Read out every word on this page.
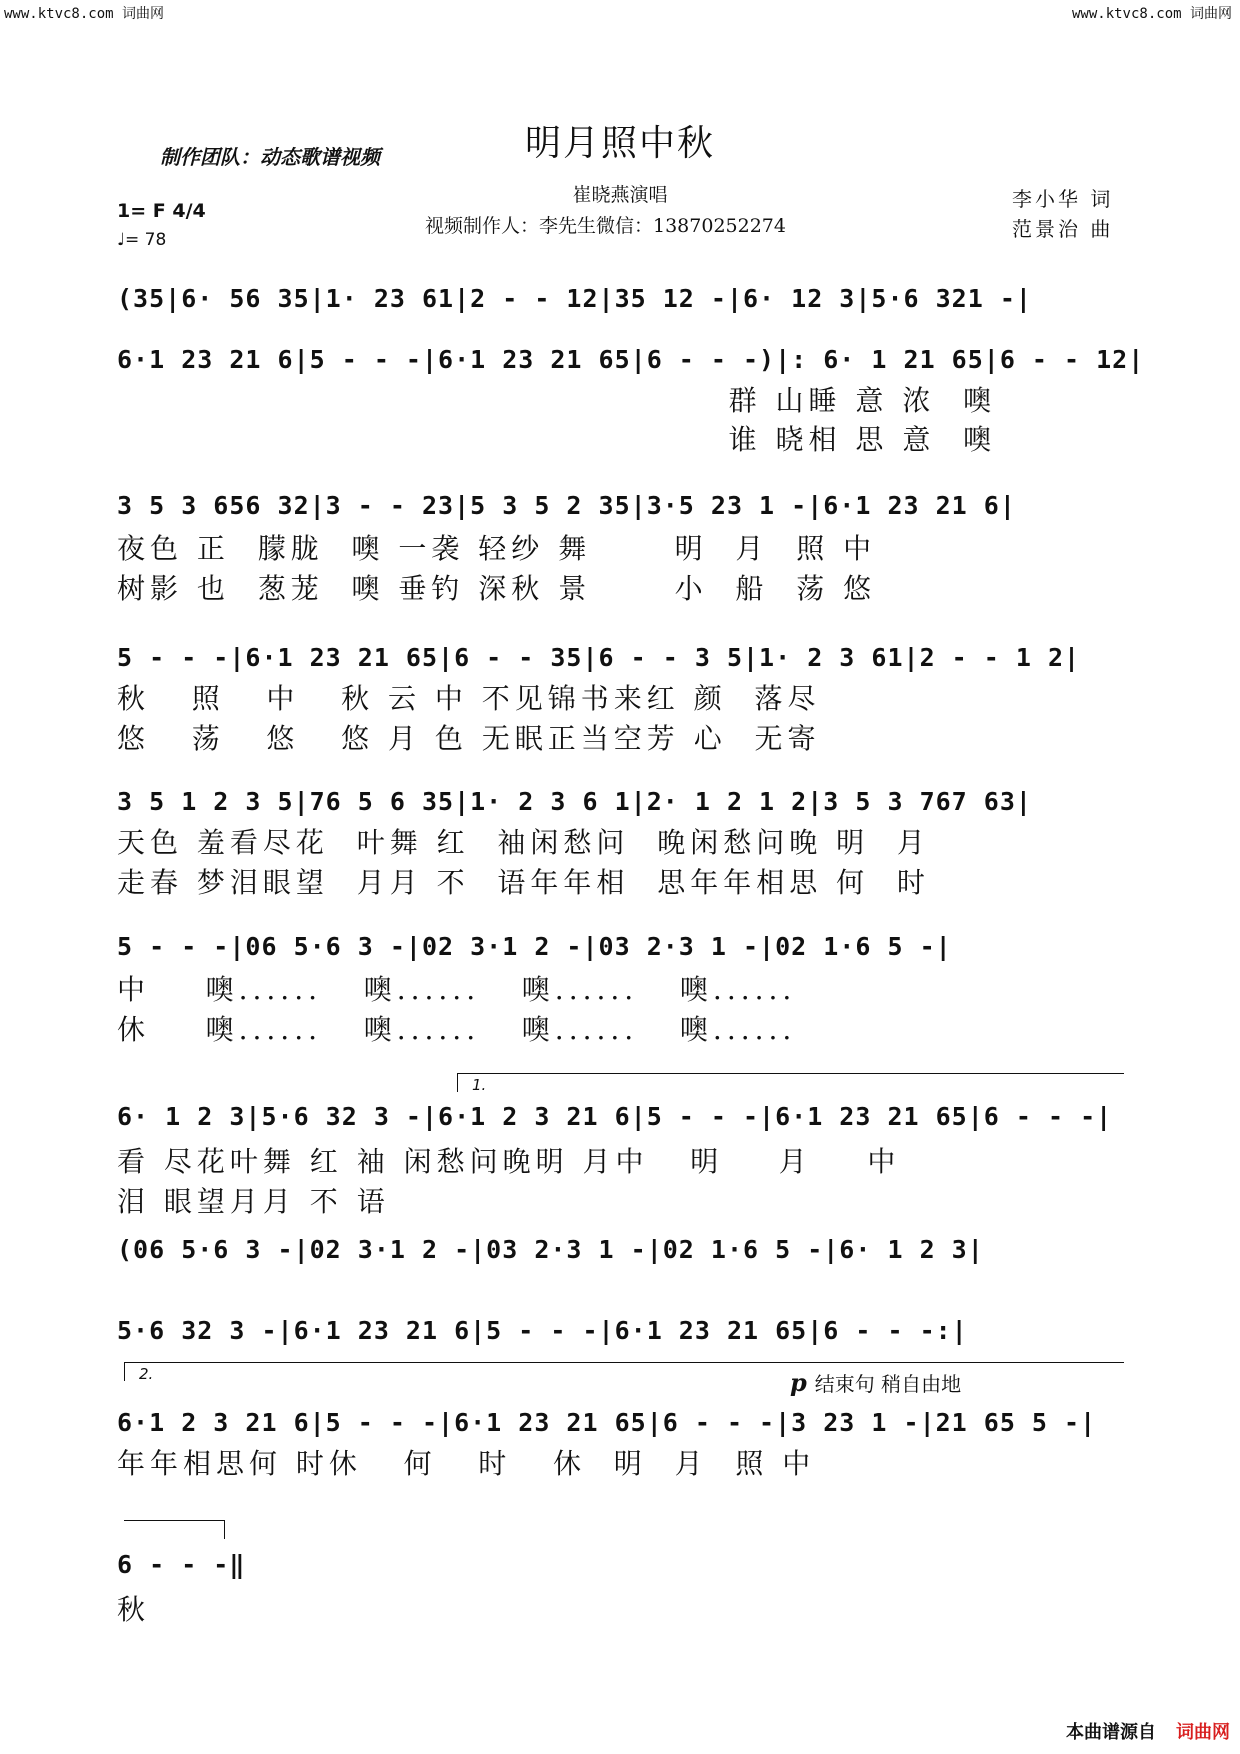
www.ktvc8.com 词曲网	www.ktvc8.com 词曲网
明月照中秋
制作团队：动态歌谱视频
崔晓燕演唱
视频制作人：李先生微信：13870252274
李小华 词
范景治 曲
1= F 4/4
♩= 78
(35|6· 56 35|1· 23 61|2 - - 12|35 12 -|6· 12 3|5·6 321 -|
6·1 23 21 6|5 - - -|6·1 23 21 65|6 - - -)|: 6· 1 21 65|6 - - 12|
群 山睡 意 浓  噢
谁 晓相 思 意  噢
3 5 3 656 32|3 - - 23|5 3 5 2 35|3·5 23 1 -|6·1 23 21 6|
夜色 正  朦胧  噢 一袭 轻纱 舞      明  月  照 中
树影 也  葱茏  噢 垂钓 深秋 景      小  船  荡 悠
5 - - -|6·1 23 21 65|6 - - 35|6 - - 3 5|1· 2 3 61|2 - - 1 2|
秋   照   中   秋 云 中 不见锦书来红 颜  落尽
悠   荡   悠   悠 月 色 无眠正当空芳 心  无寄
3 5 1 2 3 5|76 5 6 35|1· 2 3 6 1|2· 1 2 1 2|3 5 3 767 63|
天色 羞看尽花  叶舞 红  袖闲愁问  晚闲愁问晚 明  月
走春 梦泪眼望  月月 不  语年年相  思年年相思 何  时
5 - - -|06 5·6 3 -|02 3·1 2 -|03 2·3 1 -|02 1·6 5 -|
中    噢......   噢......   噢......   噢......
休    噢......   噢......   噢......   噢......
1.
6· 1 2 3|5·6 32 3 -|6·1 2 3 21 6|5 - - -|6·1 23 21 65|6 - - -|
看 尽花叶舞 红 袖 闲愁问晚明 月中   明    月    中
泪 眼望月月 不 语
(06 5·6 3 -|02 3·1 2 -|03 2·3 1 -|02 1·6 5 -|6· 1 2 3|
5·6 32 3 -|6·1 23 21 6|5 - - -|6·1 23 21 65|6 - - -:|
2.	p 结束句 稍自由地
6·1 2 3 21 6|5 - - -|6·1 23 21 65|6 - - -|3 23 1 -|21 65 5 -|
年年相思何 时休   何   时   休  明  月  照 中
6 - - -‖
秋
本曲谱源自 词曲网
